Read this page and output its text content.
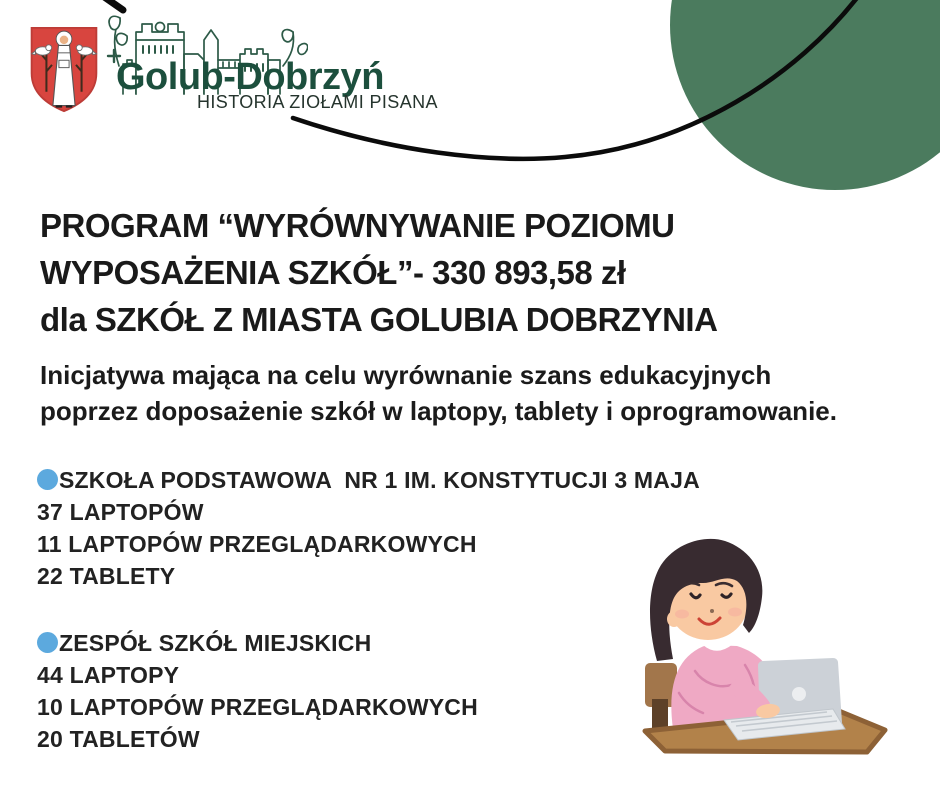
Golub-Dobrzyń
HISTORIA ZIOŁAMI PISANA
PROGRAM “WYRÓWNYWANIE POZIOMU
WYPOSAŻENIA SZKÓŁ”- 330 893,58 zł
dla SZKÓŁ Z MIASTA GOLUBIA DOBRZYNIA
Inicjatywa mająca na celu wyrównanie szans edukacyjnych
poprzez doposażenie szkół w laptopy, tablety i oprogramowanie.
SZKOŁA PODSTAWOWA  NR 1 IM. KONSTYTUCJI 3 MAJA
37 LAPTOPÓW
11 LAPTOPÓW PRZEGLĄDARKOWYCH
22 TABLETY
ZESPÓŁ SZKÓŁ MIEJSKICH
44 LAPTOPY
10 LAPTOPÓW PRZEGLĄDARKOWYCH
20 TABLETÓW
